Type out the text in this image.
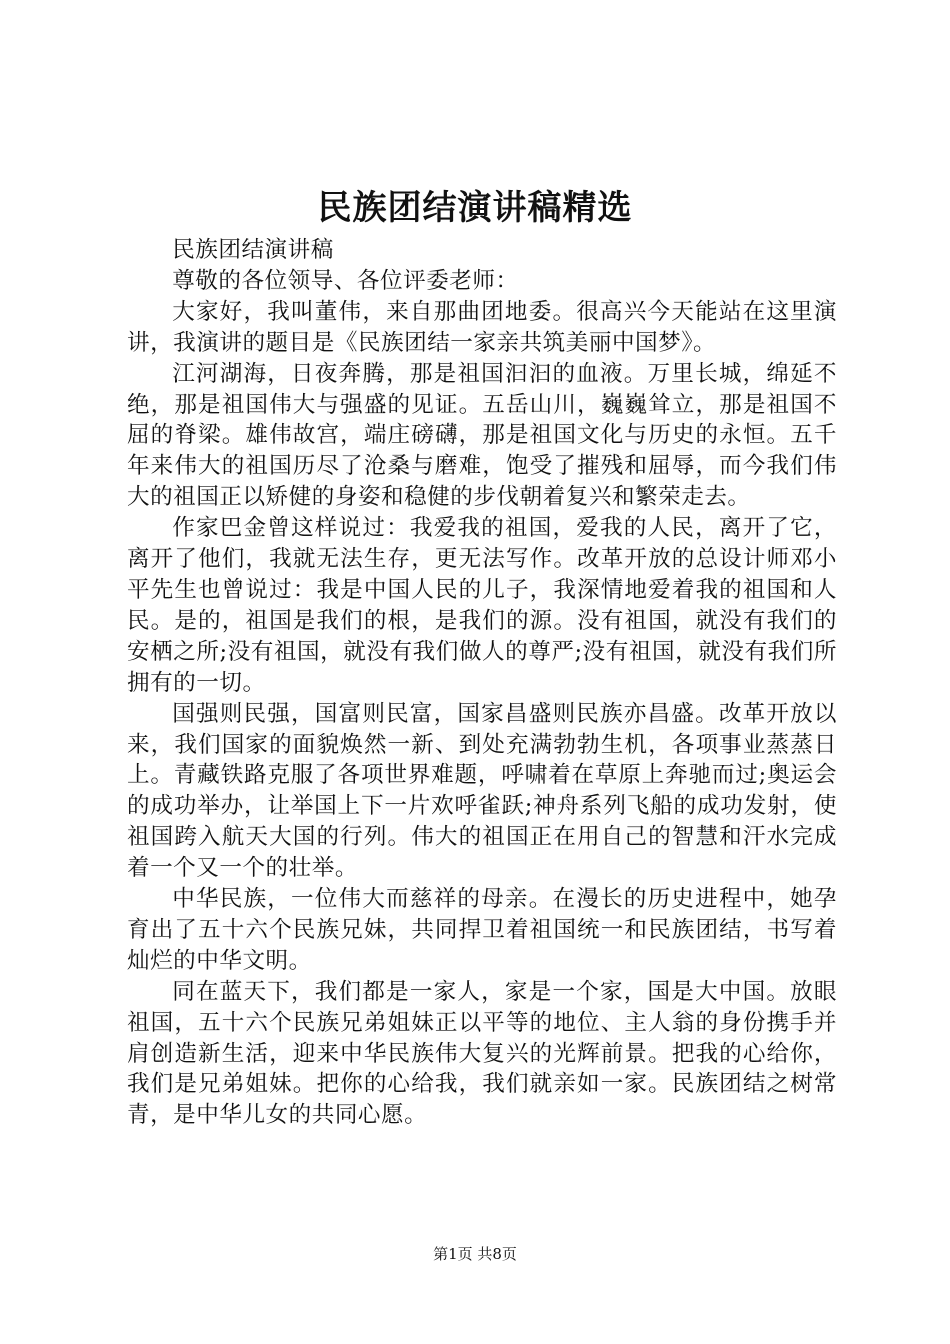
民族团结演讲稿精选

民族团结演讲稿

尊敬的各位领导、各位评委老师：

大家好，我叫董伟，来自那曲团地委。很高兴今天能站在这里演讲，我演讲的题目是《民族团结一家亲共筑美丽中国梦》。

江河湖海，日夜奔腾，那是祖国汩汩的血液。万里长城，绵延不绝，那是祖国伟大与强盛的见证。五岳山川，巍巍耸立，那是祖国不屈的脊梁。雄伟故宫，端庄磅礴，那是祖国文化与历史的永恒。五千年来伟大的祖国历尽了沧桑与磨难，饱受了摧残和屈辱，而今我们伟大的祖国正以矫健的身姿和稳健的步伐朝着复兴和繁荣走去。

作家巴金曾这样说过：我爱我的祖国，爱我的人民，离开了它，离开了他们，我就无法生存，更无法写作。改革开放的总设计师邓小平先生也曾说过：我是中国人民的儿子，我深情地爱着我的祖国和人民。是的，祖国是我们的根，是我们的源。没有祖国，就没有我们的安栖之所;没有祖国，就没有我们做人的尊严;没有祖国，就没有我们所拥有的一切。

国强则民强，国富则民富，国家昌盛则民族亦昌盛。改革开放以来，我们国家的面貌焕然一新、到处充满勃勃生机，各项事业蒸蒸日上。青藏铁路克服了各项世界难题，呼啸着在草原上奔驰而过;奥运会的成功举办，让举国上下一片欢呼雀跃;神舟系列飞船的成功发射，使祖国跨入航天大国的行列。伟大的祖国正在用自己的智慧和汗水完成着一个又一个的壮举。

中华民族，一位伟大而慈祥的母亲。在漫长的历史进程中，她孕育出了五十六个民族兄妹，共同捍卫着祖国统一和民族团结，书写着灿烂的中华文明。

同在蓝天下，我们都是一家人，家是一个家，国是大中国。放眼祖国，五十六个民族兄弟姐妹正以平等的地位、主人翁的身份携手并肩创造新生活，迎来中华民族伟大复兴的光辉前景。把我的心给你，我们是兄弟姐妹。把你的心给我，我们就亲如一家。民族团结之树常青，是中华儿女的共同心愿。

第1页 共8页
